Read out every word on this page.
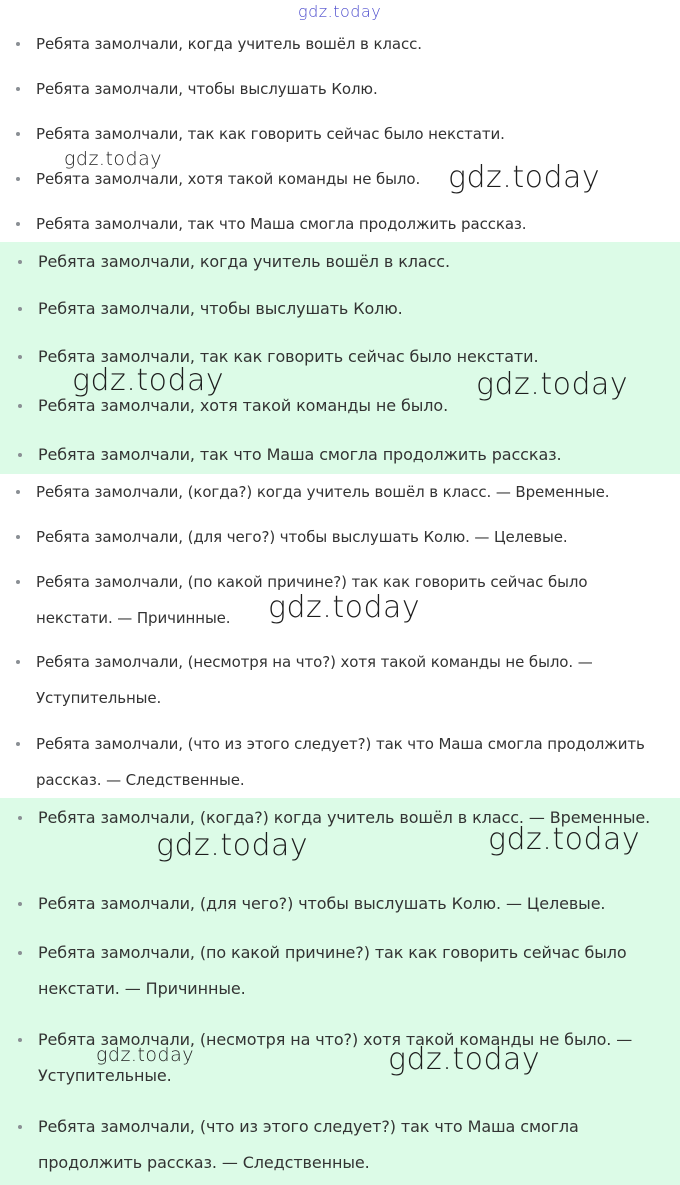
gdz.today
Ребята замолчали, когда учитель вошёл в класс.
Ребята замолчали, чтобы выслушать Колю.
Ребята замолчали, так как говорить сейчас было некстати.
Ребята замолчали, хотя такой команды не было.
Ребята замолчали, так что Маша смогла продолжить рассказ.
Ребята замолчали, когда учитель вошёл в класс.
Ребята замолчали, чтобы выслушать Колю.
Ребята замолчали, так как говорить сейчас было некстати.
Ребята замолчали, хотя такой команды не было.
Ребята замолчали, так что Маша смогла продолжить рассказ.
Ребята замолчали, (когда?) когда учитель вошёл в класс. — Временные.
Ребята замолчали, (для чего?) чтобы выслушать Колю. — Целевые.
Ребята замолчали, (по какой причине?) так как говорить сейчас было некстати. — Причинные.
Ребята замолчали, (несмотря на что?) хотя такой команды не было. — Уступительные.
Ребята замолчали, (что из этого следует?) так что Маша смогла продолжить рассказ. — Следственные.
Ребята замолчали, (когда?) когда учитель вошёл в класс. — Временные.
Ребята замолчали, (для чего?) чтобы выслушать Колю. — Целевые.
Ребята замолчали, (по какой причине?) так как говорить сейчас было некстати. — Причинные.
Ребята замолчали, (несмотря на что?) хотя такой команды не было. — Уступительные.
Ребята замолчали, (что из этого следует?) так что Маша смогла продолжить рассказ. — Следственные.
gdz.today
gdz.today
gdz.today	gdz.today
gdz.today
gdz.today	gdz.today
gdz.today	gdz.today
